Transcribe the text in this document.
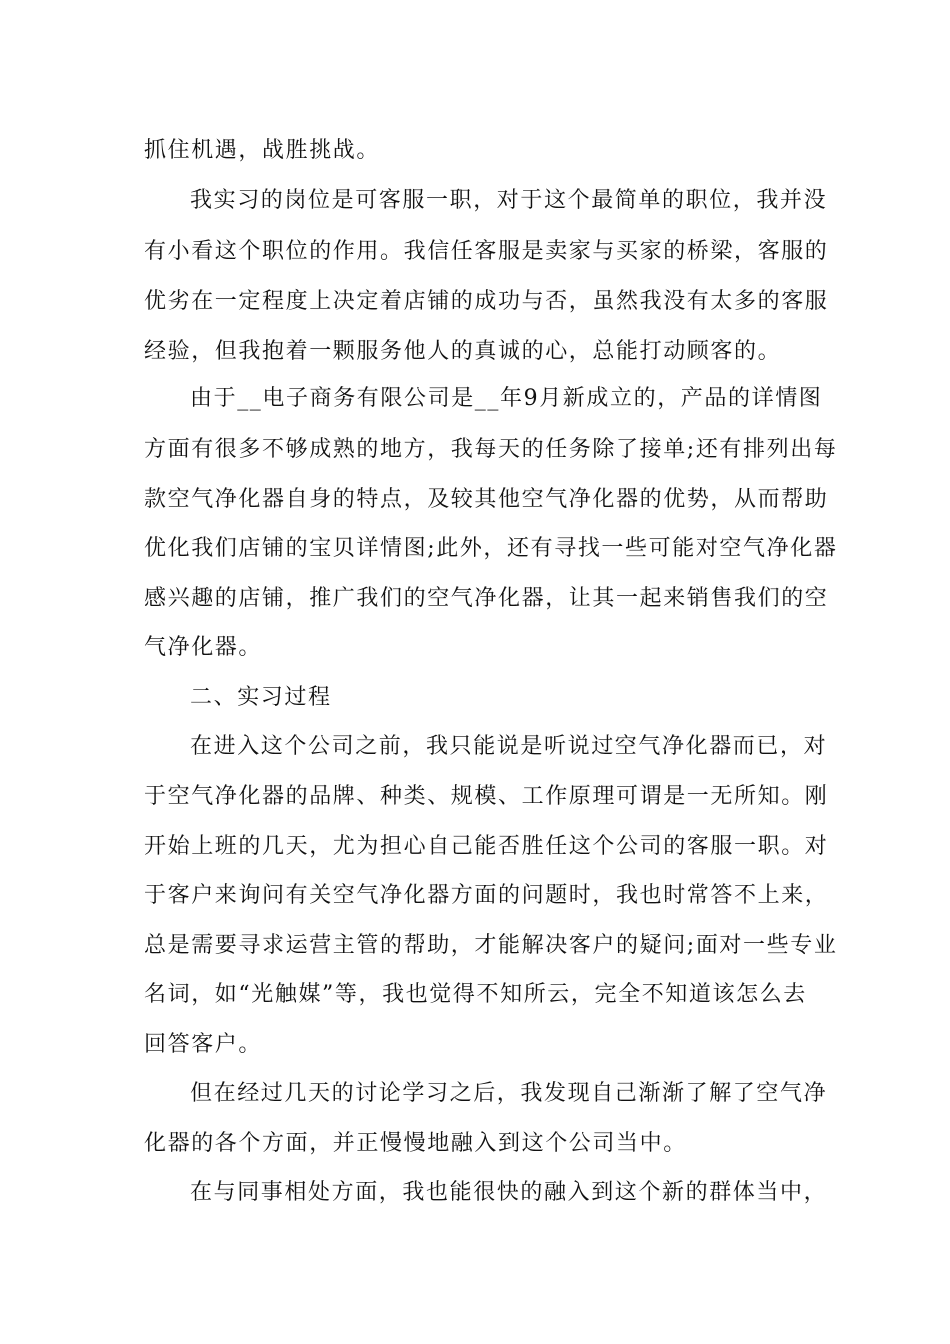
抓住机遇，战胜挑战。
我实习的岗位是可客服一职，对于这个最简单的职位，我并没
有小看这个职位的作用。我信任客服是卖家与买家的桥梁，客服的
优劣在一定程度上决定着店铺的成功与否，虽然我没有太多的客服
经验，但我抱着一颗服务他人的真诚的心，总能打动顾客的。
由于__电子商务有限公司是__年9月新成立的，产品的详情图
方面有很多不够成熟的地方，我每天的任务除了接单;还有排列出每
款空气净化器自身的特点，及较其他空气净化器的优势，从而帮助
优化我们店铺的宝贝详情图;此外，还有寻找一些可能对空气净化器
感兴趣的店铺，推广我们的空气净化器，让其一起来销售我们的空
气净化器。
二、实习过程
在进入这个公司之前，我只能说是听说过空气净化器而已，对
于空气净化器的品牌、种类、规模、工作原理可谓是一无所知。刚
开始上班的几天，尤为担心自己能否胜任这个公司的客服一职。对
于客户来询问有关空气净化器方面的问题时，我也时常答不上来，
总是需要寻求运营主管的帮助，才能解决客户的疑问;面对一些专业
名词，如“光触媒”等，我也觉得不知所云，完全不知道该怎么去
回答客户。
但在经过几天的讨论学习之后，我发现自己渐渐了解了空气净
化器的各个方面，并正慢慢地融入到这个公司当中。
在与同事相处方面，我也能很快的融入到这个新的群体当中，
